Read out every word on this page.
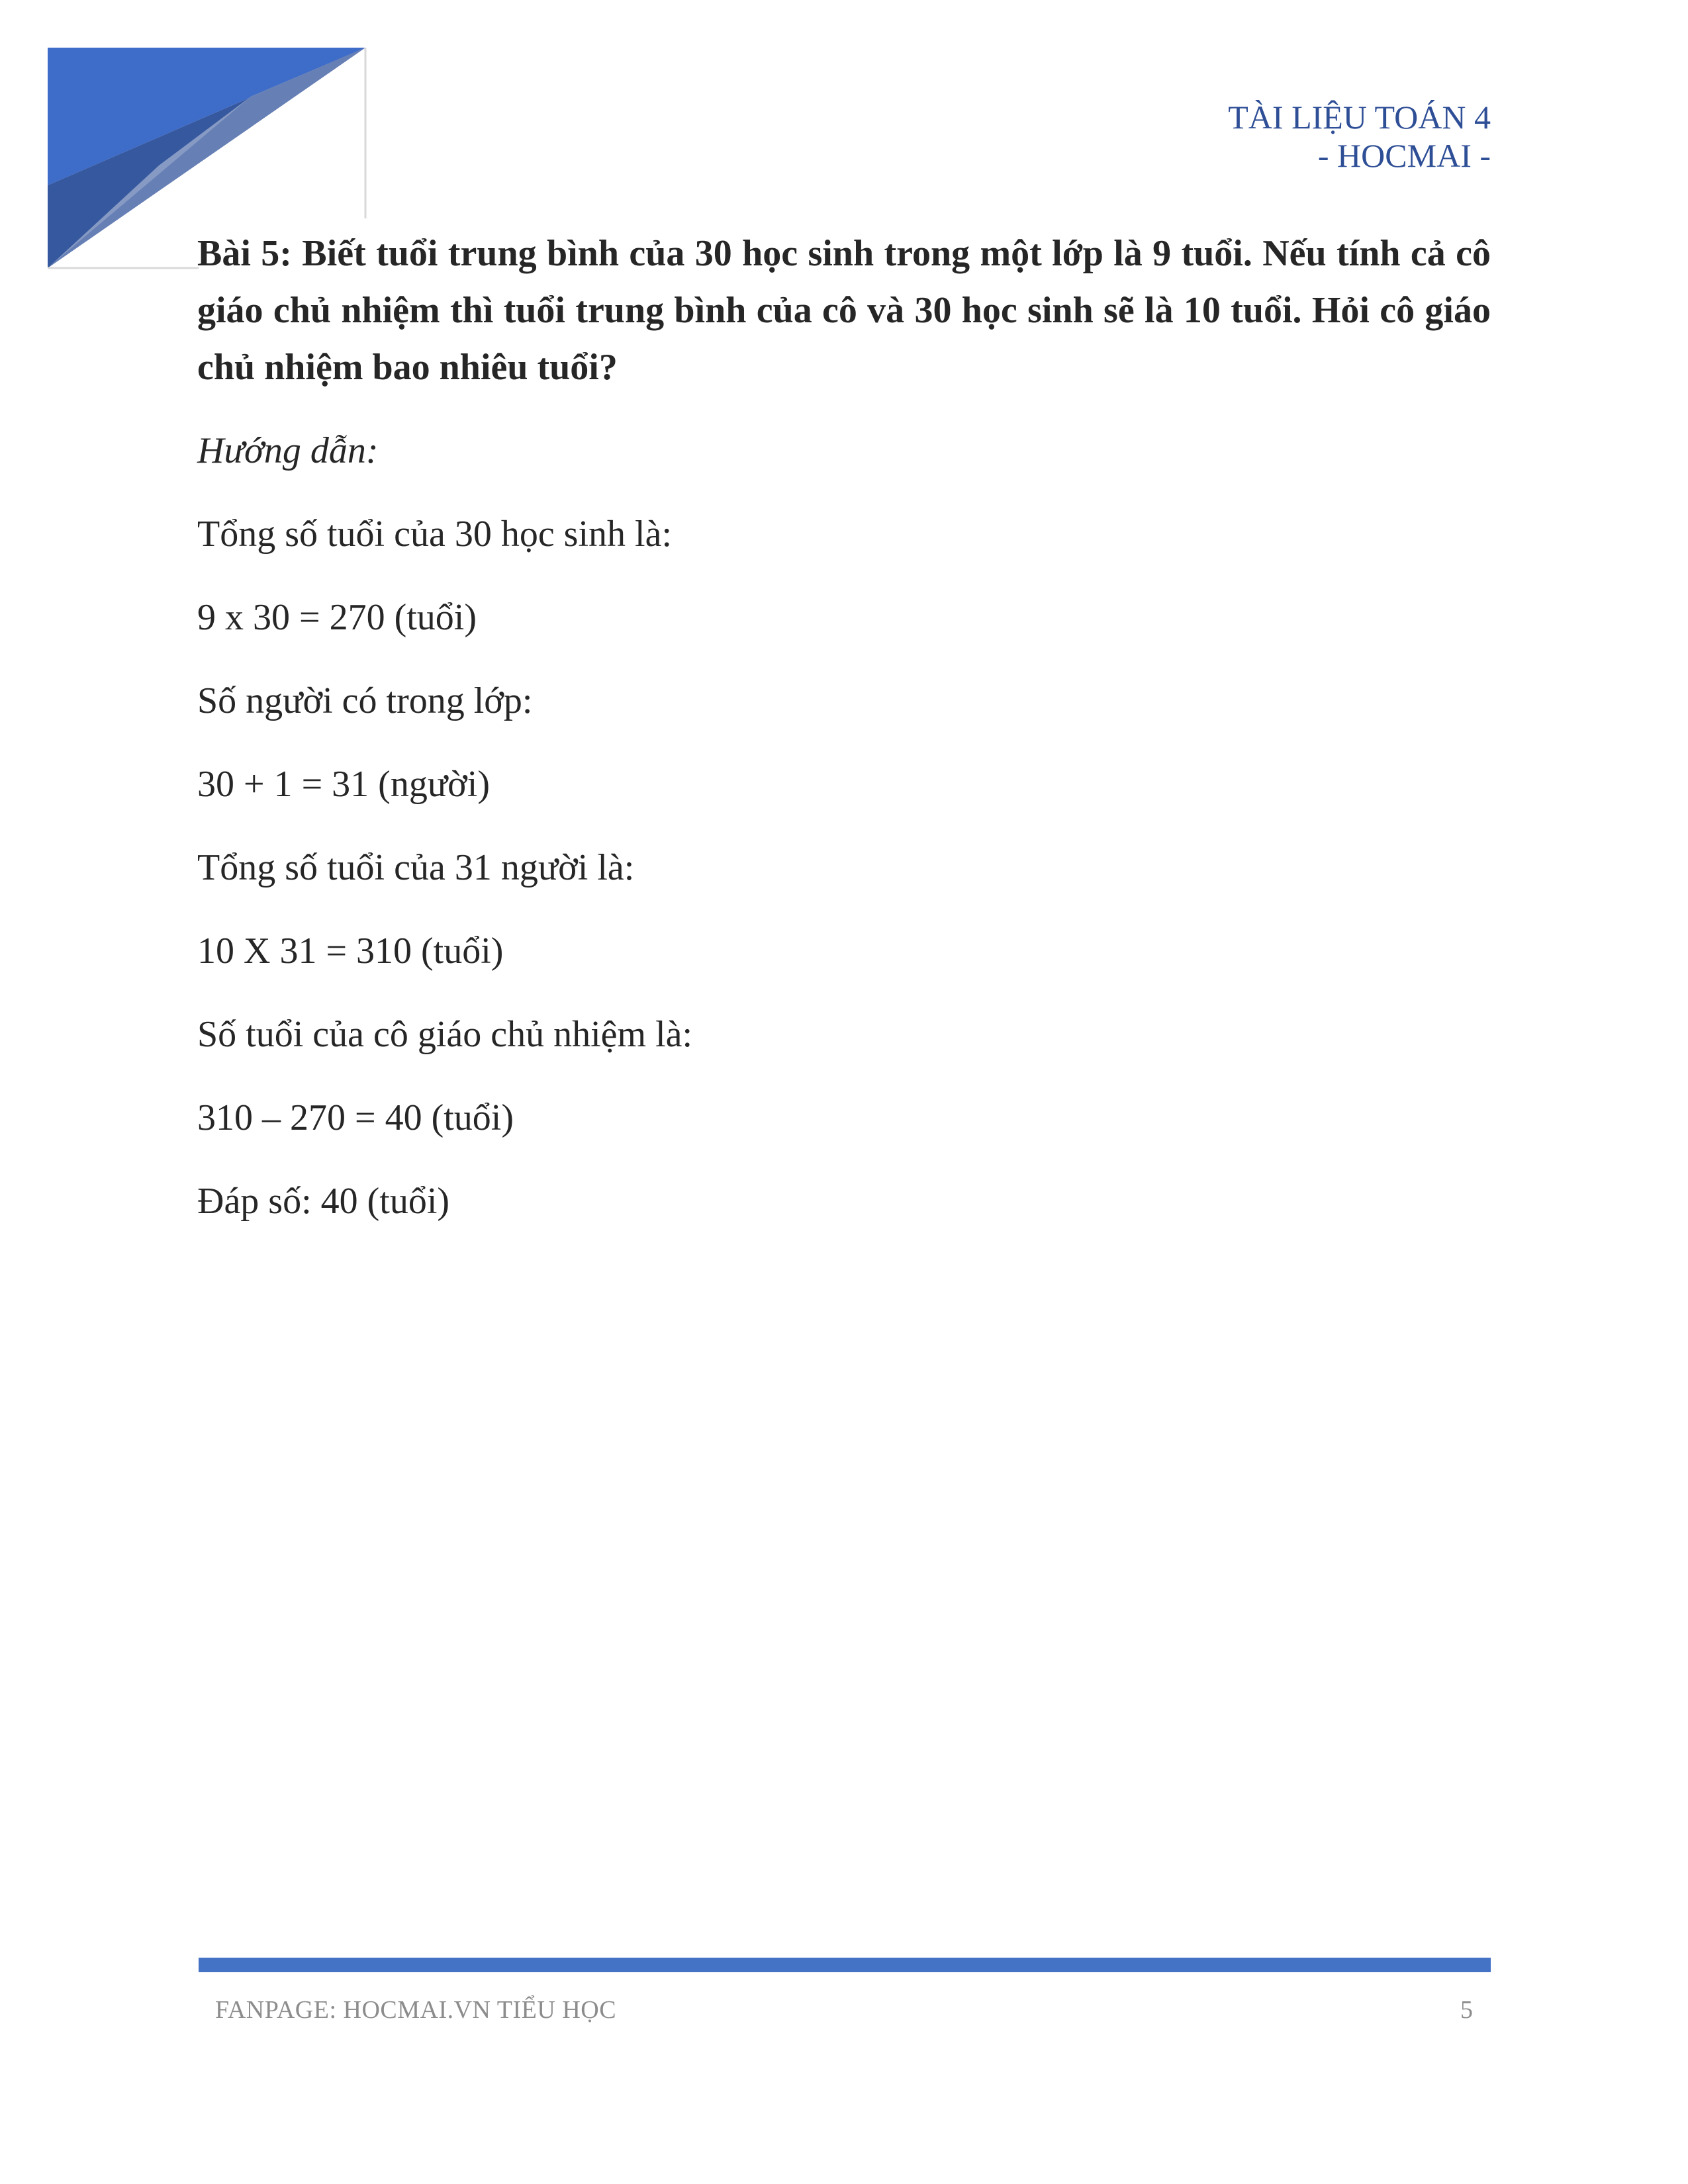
TÀI LIỆU TOÁN 4
- HOCMAI -
Bài 5: Biết tuổi trung bình của 30 học sinh trong một lớp là 9 tuổi. Nếu tính cả cô giáo chủ nhiệm thì tuổi trung bình của cô và 30 học sinh sẽ là 10 tuổi. Hỏi cô giáo chủ nhiệm bao nhiêu tuổi?
Hướng dẫn:
Tổng số tuổi của 30 học sinh là:
9 x 30 = 270 (tuổi)
Số người có trong lớp:
30 + 1 = 31 (người)
Tổng số tuổi của 31 người là:
10 X 31 = 310 (tuổi)
Số tuổi của cô giáo chủ nhiệm là:
310 – 270 = 40 (tuổi)
Đáp số: 40 (tuổi)
FANPAGE: HOCMAI.VN TIỂU HỌC	5
